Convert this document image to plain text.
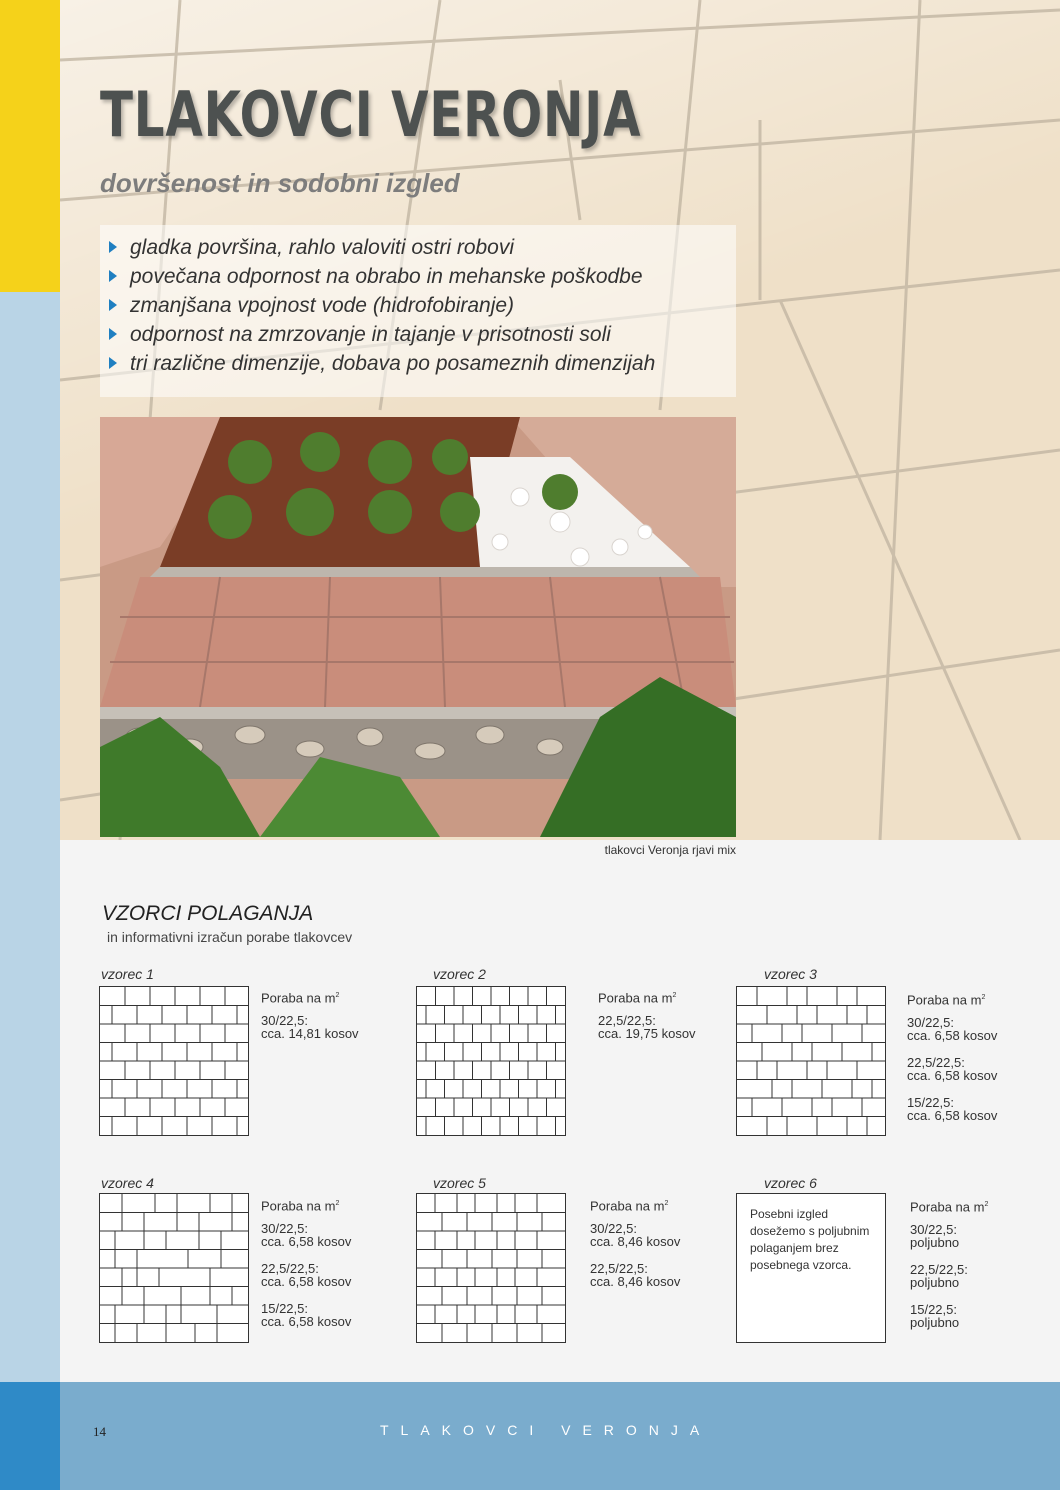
TLAKOVCI VERONJA
dovršenost in sodobni izgled
gladka površina, rahlo valoviti ostri robovi
povečana odpornost na obrabo in mehanske poškodbe
zmanjšana vpojnost vode (hidrofobiranje)
odpornost na zmrzovanje in tajanje v prisotnosti soli
tri različne dimenzije, dobava po posameznih dimenzijah
tlakovci Veronja rjavi mix
VZORCI POLAGANJA
in informativni izračun porabe tlakovcev
vzorec 1
Poraba na $m^2$
30/22,5:
cca. 14,81 kosov
vzorec 2
Poraba na $m^2$
22,5/22,5:
cca. 19,75 kosov
vzorec 3
Poraba na $m^2$
30/22,5:
cca. 6,58 kosov
22,5/22,5:
cca. 6,58 kosov
15/22,5:
cca. 6,58 kosov
vzorec 4
Poraba na $m^2$
30/22,5:
cca. 6,58 kosov
22,5/22,5:
cca. 6,58 kosov
15/22,5:
cca. 6,58 kosov
vzorec 5
Poraba na $m^2$
30/22,5:
cca. 8,46 kosov
22,5/22,5:
cca. 8,46 kosov
vzorec 6
Posebni izgled dosežemo s poljubnim polaganjem brez posebnega vzorca.
Poraba na $m^2$
30/22,5:
poljubno
22,5/22,5:
poljubno
15/22,5:
poljubno
14	TLAKOVCI VERONJA
